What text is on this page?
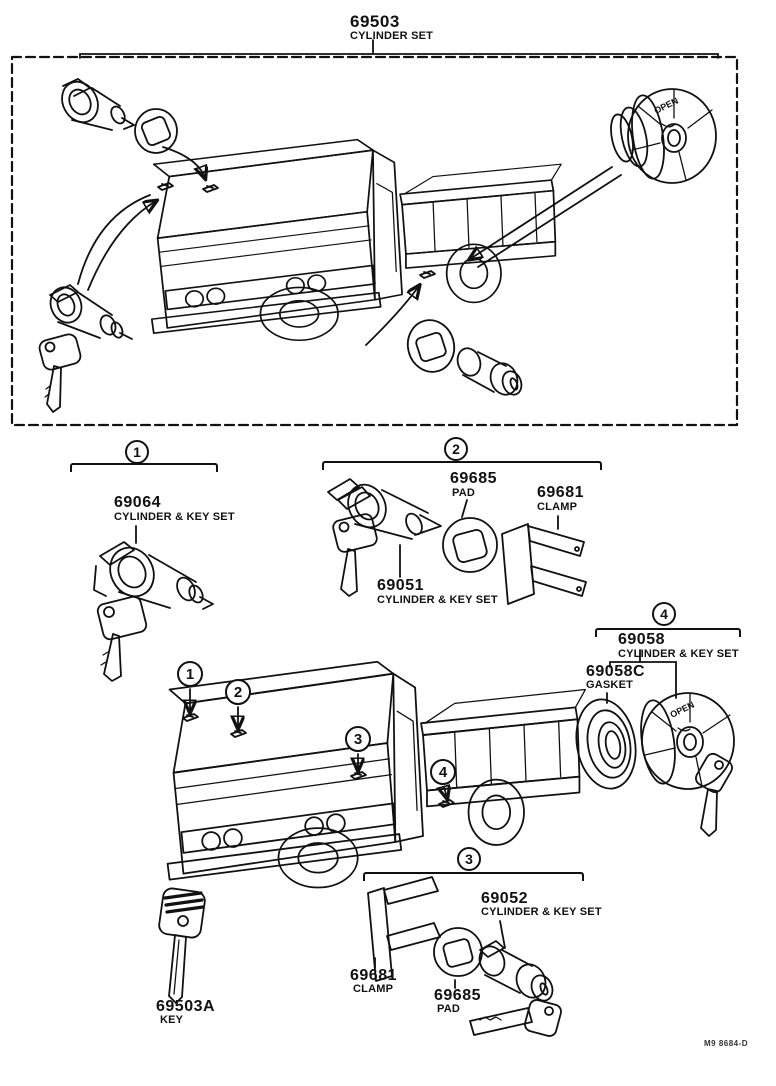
OPEN
OPEN
69503
CYLINDER SET
1
69064
CYLINDER & KEY SET
2
69685
PAD	69681
CLAMP
69051
CYLINDER & KEY SET
4
69058
CYLINDER & KEY SET
69058C
GASKET
1
2
3
4
3
69052
CYLINDER & KEY SET
69681
CLAMP	69685
PAD
69503A
KEY
M9 8684-D
